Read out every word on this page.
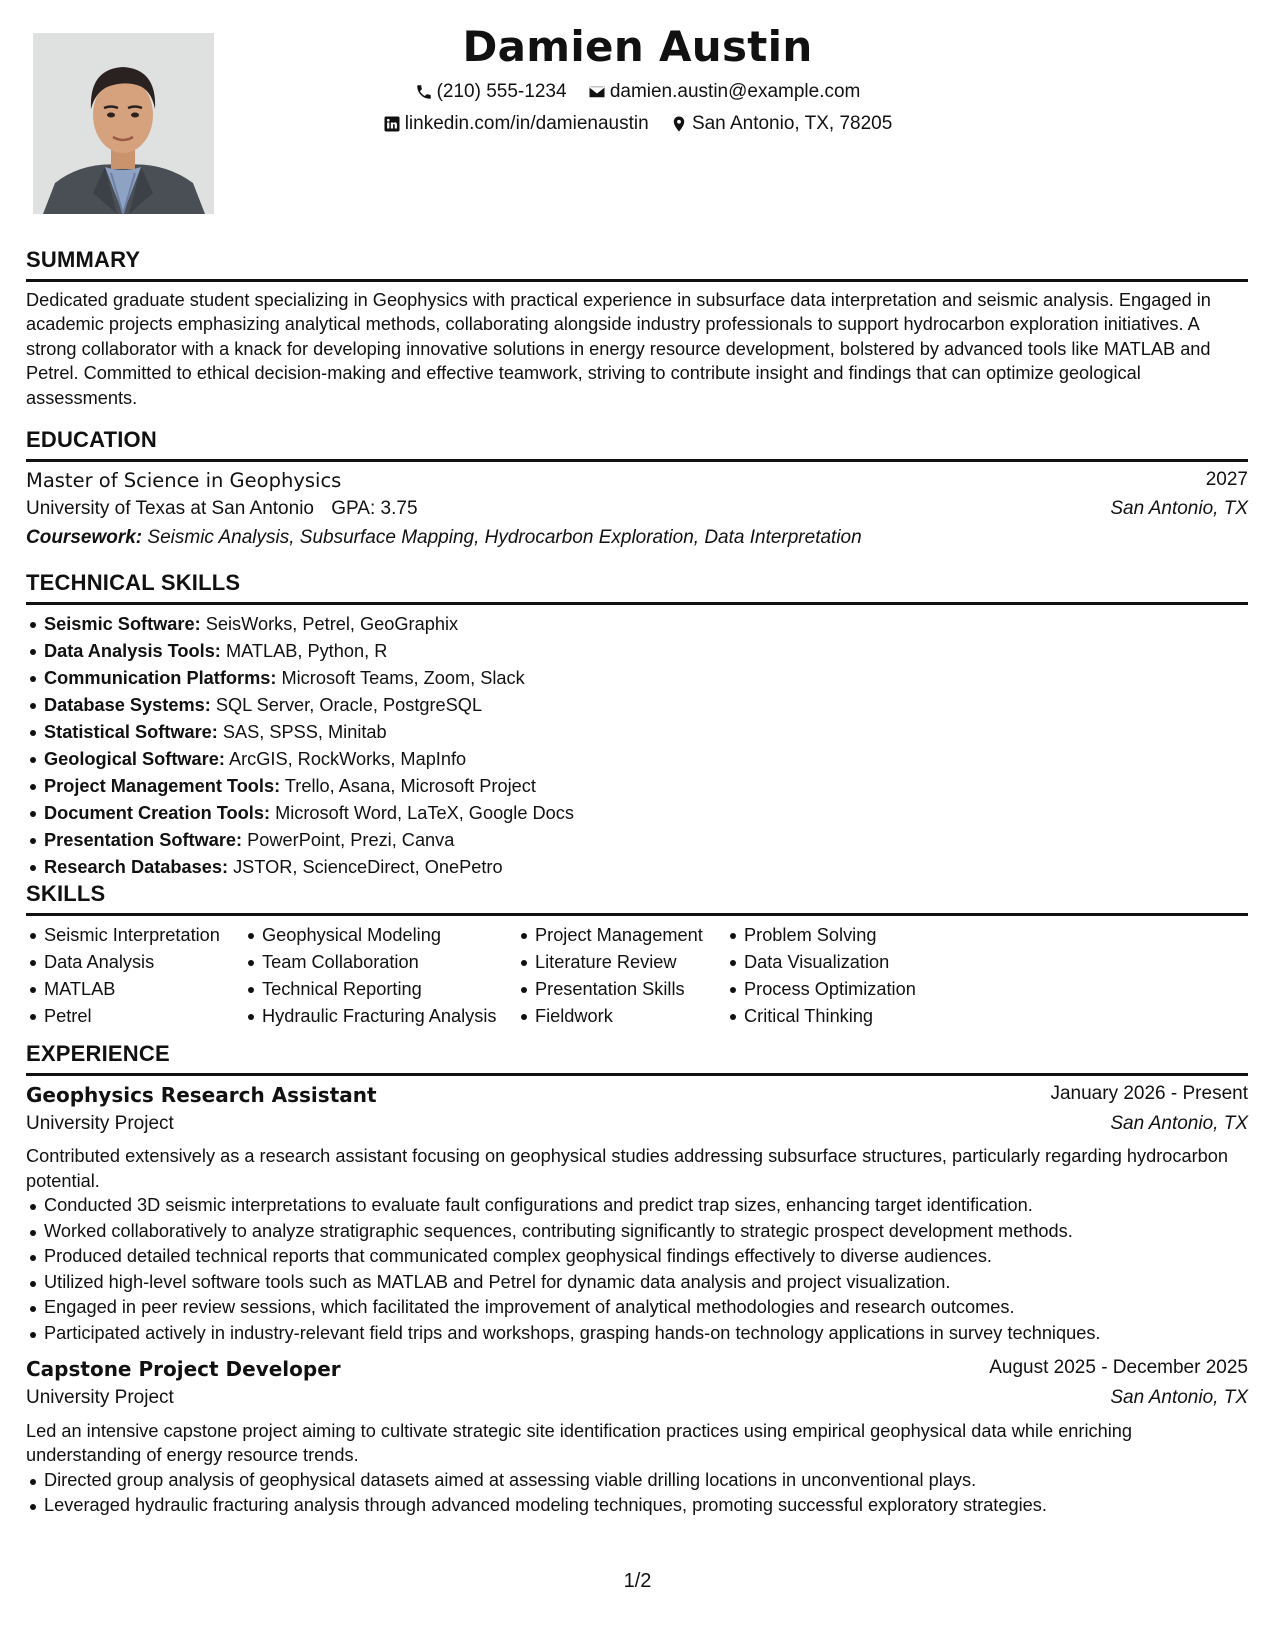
Damien Austin
(210) 555-1234
damien.austin@example.com
linkedin.com/in/damienaustin
San Antonio, TX, 78205
SUMMARY

Dedicated graduate student specializing in Geophysics with practical experience in subsurface data interpretation and seismic analysis. Engaged in academic projects emphasizing analytical methods, collaborating alongside industry professionals to support hydrocarbon exploration initiatives. A strong collaborator with a knack for developing innovative solutions in energy resource development, bolstered by advanced tools like MATLAB and Petrel. Committed to ethical decision-making and effective teamwork, striving to contribute insight and findings that can optimize geological assessments.

EDUCATION
Master of Science in Geophysics	2027
University of Texas at San Antonio GPA: 3.75	San Antonio, TX
Coursework: Seismic Analysis, Subsurface Mapping, Hydrocarbon Exploration, Data Interpretation
TECHNICAL SKILLS
Seismic Software: SeisWorks, Petrel, GeoGraphix
Data Analysis Tools: MATLAB, Python, R
Communication Platforms: Microsoft Teams, Zoom, Slack
Database Systems: SQL Server, Oracle, PostgreSQL
Statistical Software: SAS, SPSS, Minitab
Geological Software: ArcGIS, RockWorks, MapInfo
Project Management Tools: Trello, Asana, Microsoft Project
Document Creation Tools: Microsoft Word, LaTeX, Google Docs
Presentation Software: PowerPoint, Prezi, Canva
Research Databases: JSTOR, ScienceDirect, OnePetro
SKILLS
Seismic Interpretation
Data Analysis
MATLAB
Petrel
Geophysical Modeling
Team Collaboration
Technical Reporting
Hydraulic Fracturing Analysis
Project Management
Literature Review
Presentation Skills
Fieldwork
Problem Solving
Data Visualization
Process Optimization
Critical Thinking
EXPERIENCE
Geophysics Research Assistant	January 2026 - Present
University Project	San Antonio, TX

Contributed extensively as a research assistant focusing on geophysical studies addressing subsurface structures, particularly regarding hydrocarbon potential.

Conducted 3D seismic interpretations to evaluate fault configurations and predict trap sizes, enhancing target identification.
Worked collaboratively to analyze stratigraphic sequences, contributing significantly to strategic prospect development methods.
Produced detailed technical reports that communicated complex geophysical findings effectively to diverse audiences.
Utilized high-level software tools such as MATLAB and Petrel for dynamic data analysis and project visualization.
Engaged in peer review sessions, which facilitated the improvement of analytical methodologies and research outcomes.
Participated actively in industry-relevant field trips and workshops, grasping hands-on technology applications in survey techniques.
Capstone Project Developer	August 2025 - December 2025
University Project	San Antonio, TX

Led an intensive capstone project aiming to cultivate strategic site identification practices using empirical geophysical data while enriching understanding of energy resource trends.

Directed group analysis of geophysical datasets aimed at assessing viable drilling locations in unconventional plays.
Leveraged hydraulic fracturing analysis through advanced modeling techniques, promoting successful exploratory strategies.
1/2
